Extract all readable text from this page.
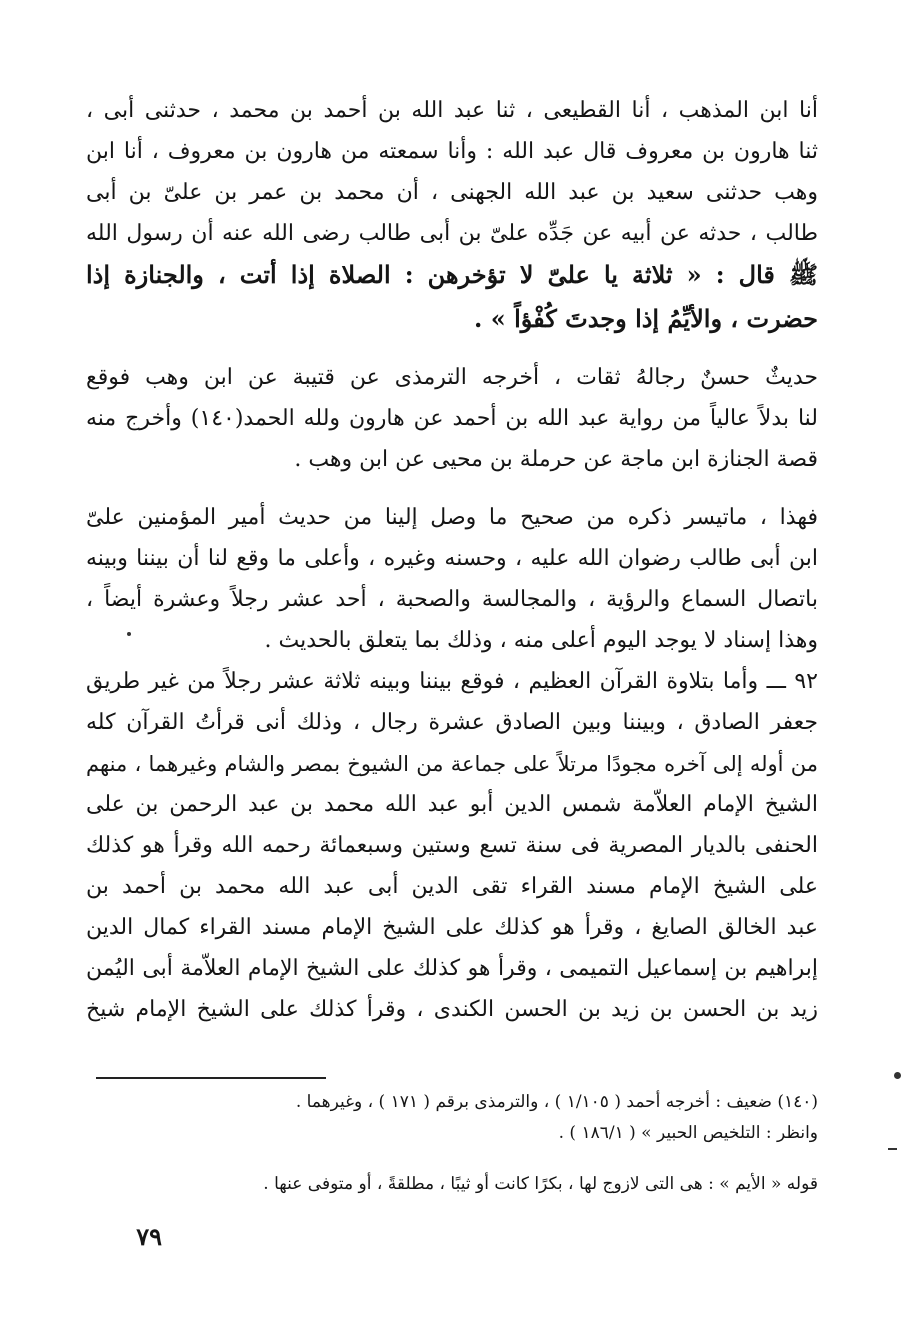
أنا ابن المذهب ، أنا القطيعى ، ثنا عبد الله بن أحمد بن محمد ، حدثنى أبى ،
ثنا هارون بن معروف قال عبد الله : وأنا سمعته من هارون بن معروف ، أنا ابن
وهب حدثنى سعيد بن عبد الله الجهنى ، أن محمد بن عمر بن علىّ بن أبى
طالب ، حدثه عن أبيه عن جَدِّه علىّ بن أبى طالب رضى الله عنه أن رسول الله
ﷺ قال : « ثلاثة يا علىّ لا تؤخرهن : الصلاة إذا أتت ، والجنازة إذا
حضرت ، والأيِّمُ إذا وجدتَ كُفْؤاً » .
حديثٌ حسنٌ رجالهُ ثقات ، أخرجه الترمذى عن قتيبة عن ابن وهب فوقع
لنا بدلاً عالياً من رواية عبد الله بن أحمد عن هارون ولله الحمد(١٤٠) وأخرج منه
قصة الجنازة ابن ماجة عن حرملة بن محيى عن ابن وهب .
فهذا ، ماتيسر ذكره من صحيح ما وصل إلينا من حديث أمير المؤمنين علىّ
ابن أبى طالب رضوان الله عليه ، وحسنه وغيره ، وأعلى ما وقع لنا أن بيننا وبينه
باتصال السماع والرؤية ، والمجالسة والصحبة ، أحد عشر رجلاً وعشرة أيضاً ،
وهذا إسناد لا يوجد اليوم أعلى منه ، وذلك بما يتعلق بالحديث .
٩٢ ـــ وأما بتلاوة القرآن العظيم ، فوقع بيننا وبينه ثلاثة عشر رجلاً من غير طريق
جعفر الصادق ، وبيننا وبين الصادق عشرة رجال ، وذلك أنى قرأتُ القرآن كله
من أوله إلى آخره مجودًا مرتلاً على جماعة من الشيوخ بمصر والشام وغيرهما ، منهم
الشيخ الإمام العلاّمة شمس الدين أبو عبد الله محمد بن عبد الرحمن بن على
الحنفى بالديار المصرية فى سنة تسع وستين وسبعمائة رحمه الله وقرأ هو كذلك
على الشيخ الإمام مسند القراء تقى الدين أبى عبد الله محمد بن أحمد بن
عبد الخالق الصايغ ، وقرأ هو كذلك على الشيخ الإمام مسند القراء كمال الدين
إبراهيم بن إسماعيل التميمى ، وقرأ هو كذلك على الشيخ الإمام العلاّمة أبى اليُمن
زيد بن الحسن بن زيد بن الحسن الكندى ، وقرأ كذلك على الشيخ الإمام شيخ
(١٤٠) ضعيف : أخرجه أحمد ( ١/١٠٥ ) ، والترمذى برقم ( ١٧١ ) ، وغيرهما .
وانظر : التلخيص الحبير » ( ١٨٦/١ ) .
قوله « الأيم » : هى التى لازوج لها ، بكرًا كانت أو ثيبًا ، مطلقةً ، أو متوفى عنها .
٧٩
